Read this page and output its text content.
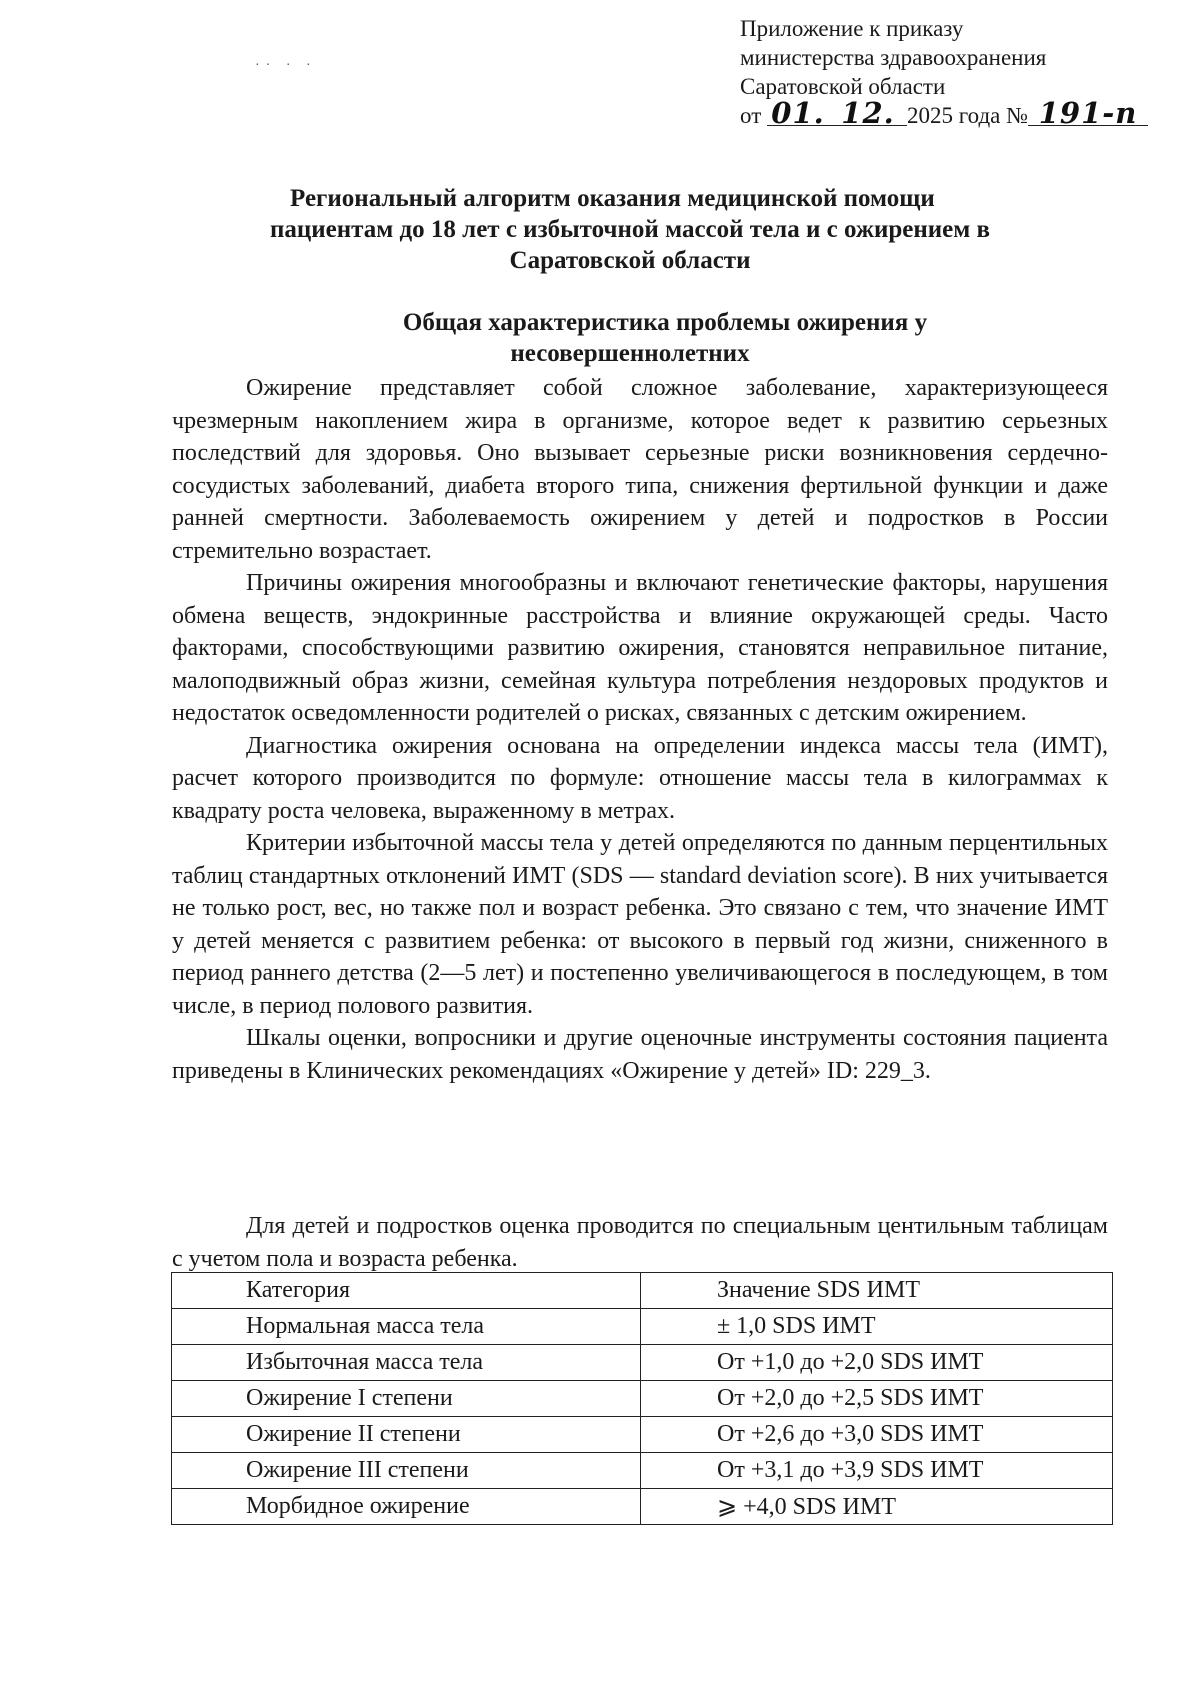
·· · ·
Приложение к приказу
министерства здравоохранения
Саратовской области
от 01. 12. 2025 года № 191-п
Региональный алгоритм оказания медицинской помощи
пациентам до 18 лет с избыточной массой тела и с ожирением в
Саратовской области
Общая характеристика проблемы ожирения у
несовершеннолетних

Ожирение представляет собой сложное заболевание, характеризующееся чрезмерным накоплением жира в организме, которое ведет к развитию серьезных последствий для здоровья. Оно вызывает серьезные риски возникновения сердечно-сосудистых заболеваний, диабета второго типа, снижения фертильной функции и даже ранней смертности. Заболеваемость ожирением у детей и подростков в России стремительно возрастает.

Причины ожирения многообразны и включают генетические факторы, нарушения обмена веществ, эндокринные расстройства и влияние окружающей среды. Часто факторами, способствующими развитию ожирения, становятся неправильное питание, малоподвижный образ жизни, семейная культура потребления нездоровых продуктов и недостаток осведомленности родителей о рисках, связанных с детским ожирением.

Диагностика ожирения основана на определении индекса массы тела (ИМТ), расчет которого производится по формуле: отношение массы тела в килограммах к квадрату роста человека, выраженному в метрах.

Критерии избыточной массы тела у детей определяются по данным перцентильных таблиц стандартных отклонений ИМТ (SDS — standard deviation score). В них учитывается не только рост, вес, но также пол и возраст ребенка. Это связано с тем, что значение ИМТ у детей меняется с развитием ребенка: от высокого в первый год жизни, сниженного в период раннего детства (2—5 лет) и постепенно увеличивающегося в последующем, в том числе, в период полового развития.

Шкалы оценки, вопросники и другие оценочные инструменты состояния пациента приведены в Клинических рекомендациях «Ожирение у детей» ID: 229_3.

Для детей и подростков оценка проводится по специальным центильным таблицам с учетом пола и возраста ребенка.

Категория	Значение SDS ИМТ
Нормальная масса тела	± 1,0 SDS ИМТ
Избыточная масса тела	От +1,0 до +2,0 SDS ИМТ
Ожирение I степени	От +2,0 до +2,5 SDS ИМТ
Ожирение II степени	От +2,6 до +3,0 SDS ИМТ
Ожирение III степени	От +3,1 до +3,9 SDS ИМТ
Морбидное ожирение	⩾ +4,0 SDS ИМТ
